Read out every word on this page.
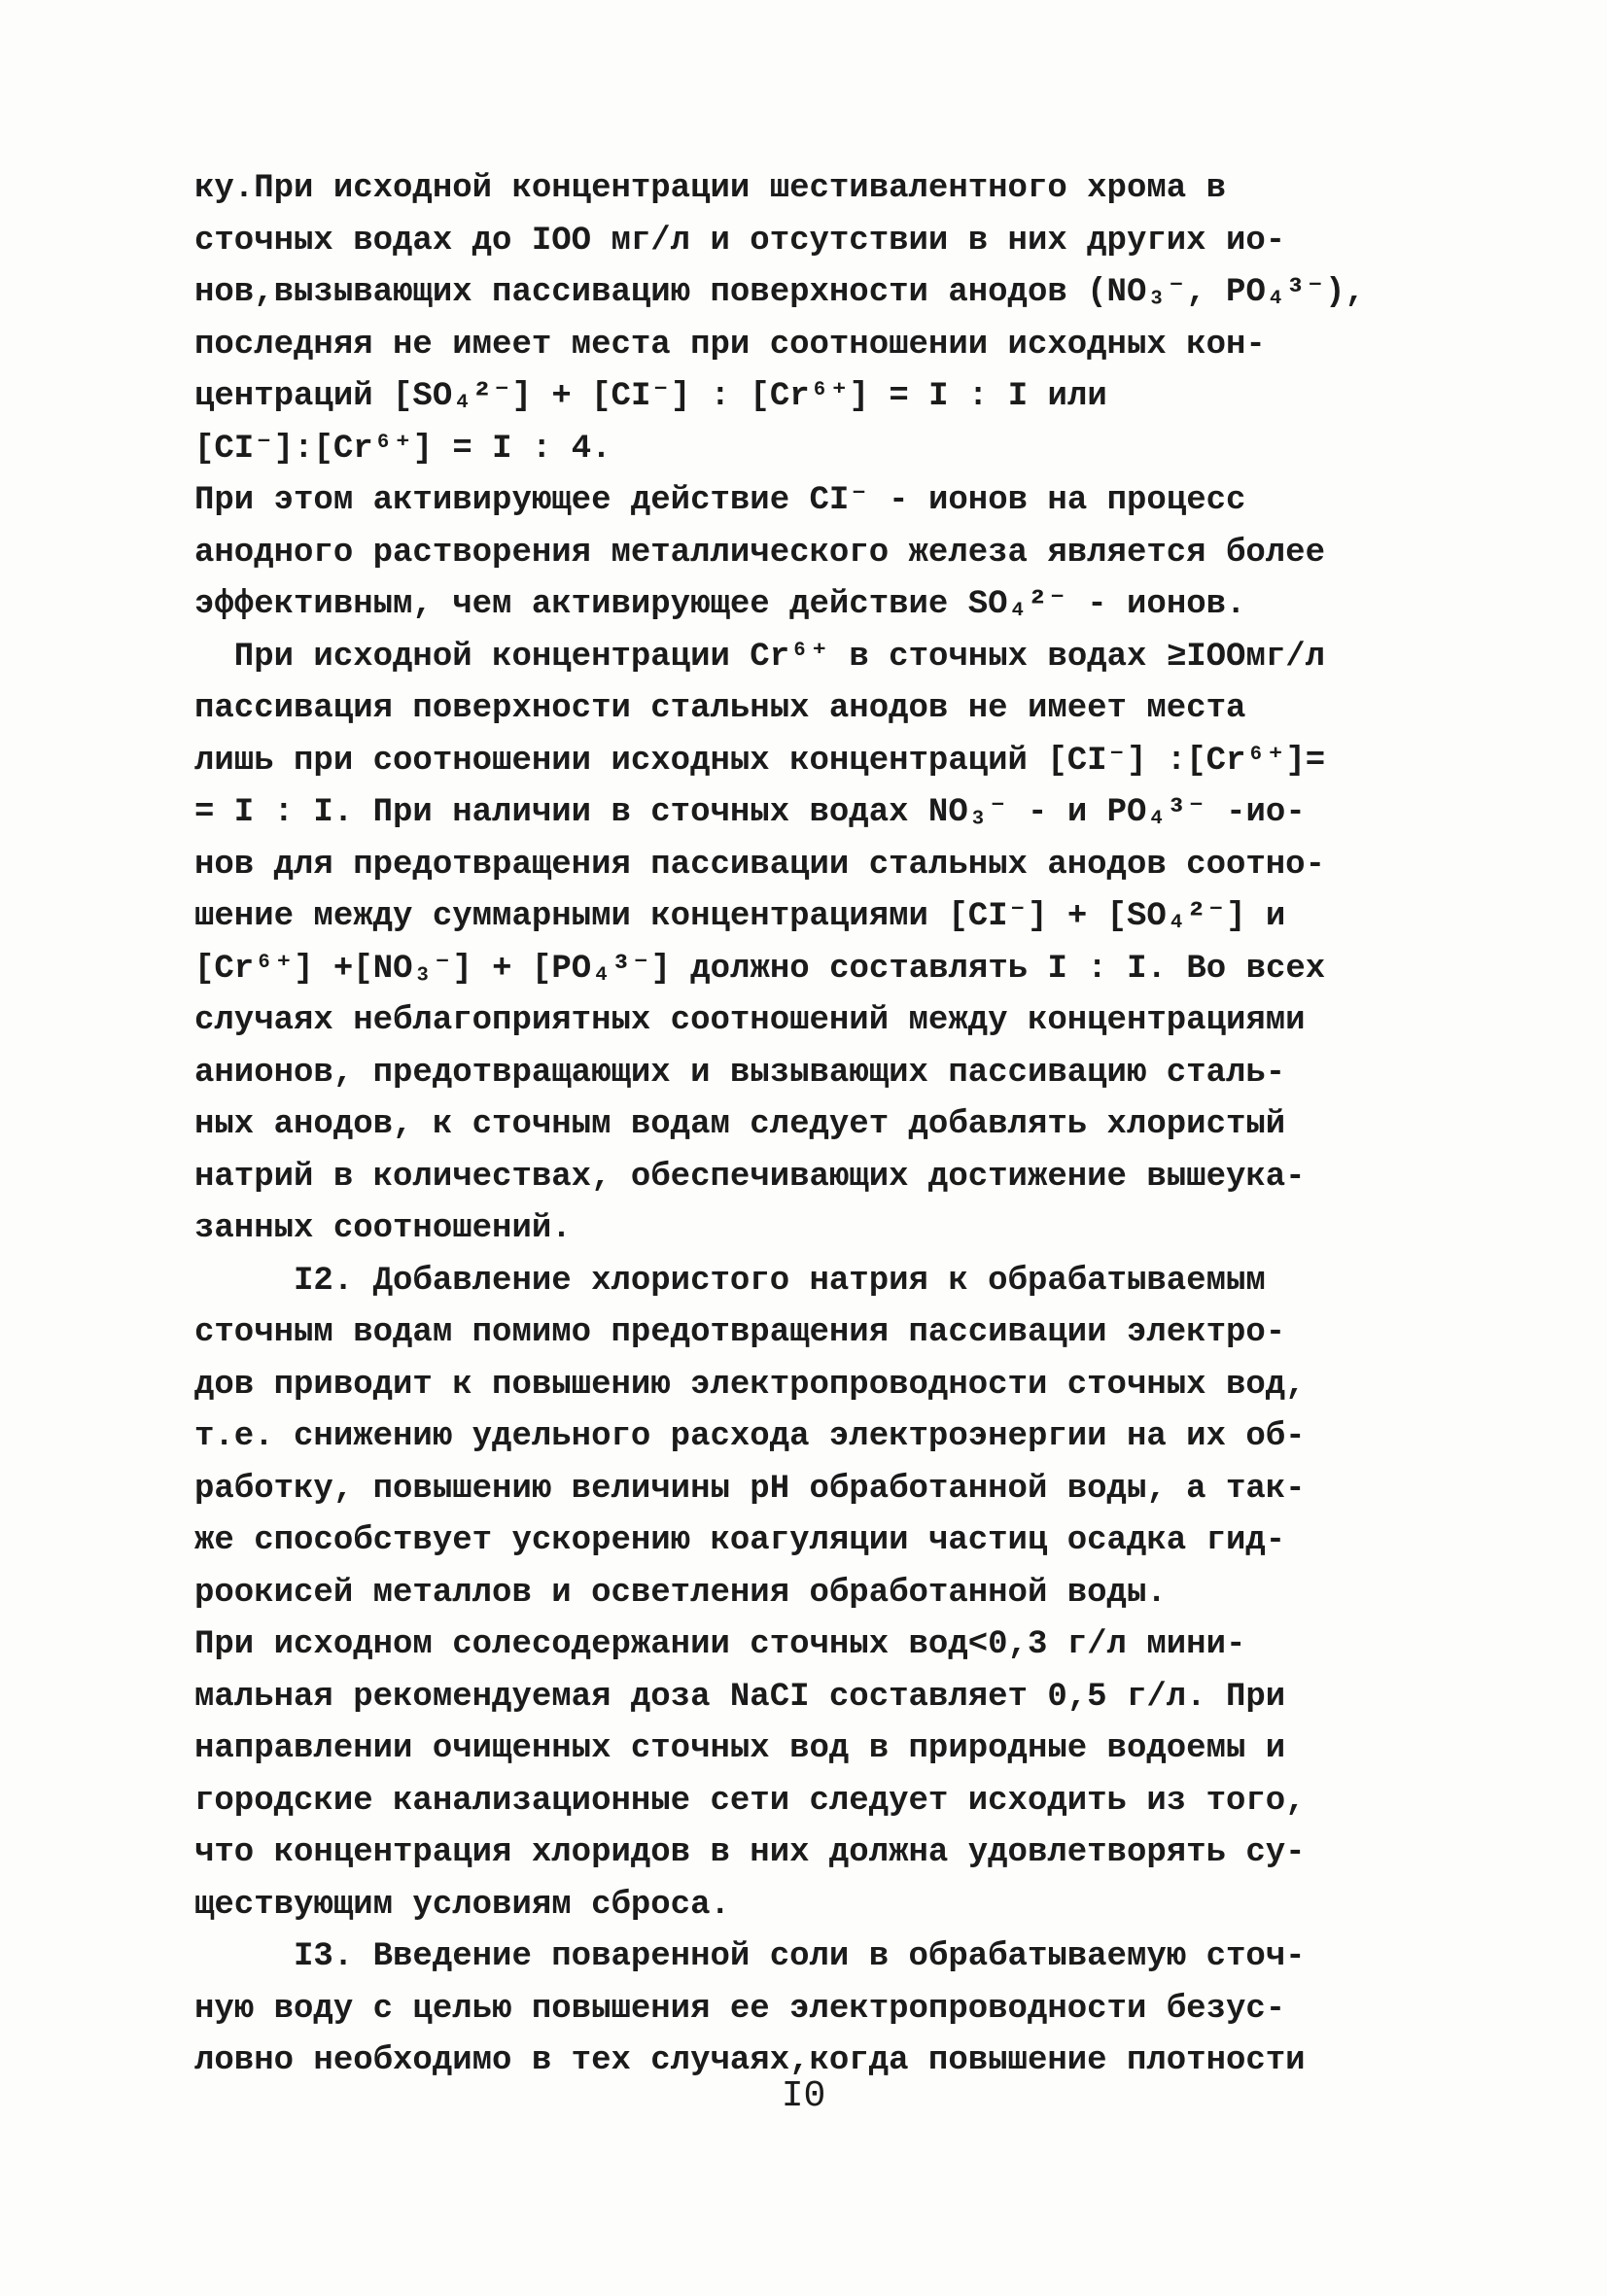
ку.При исходной концентрации шестивалентного хрома в
сточных водах до IOO мг/л и отсутствии в них других ио-
нов,вызывающих пассивацию поверхности анодов (NO₃⁻, PO₄³⁻),
последняя не имеет места при соотношении исходных кон-
центраций [SO₄²⁻] + [CI⁻] : [Cr⁶⁺] = I : I или
[CI⁻]:[Cr⁶⁺] = I : 4.
При этом активирующее действие CI⁻ - ионов на процесс
анодного растворения металлического железа является более
эффективным, чем активирующее действие SO₄²⁻ - ионов.
При исходной концентрации Cr⁶⁺ в сточных водах ≥IOOмг/л
пассивация поверхности стальных анодов не имеет места
лишь при соотношении исходных концентраций [CI⁻] :[Cr⁶⁺]=
= I : I. При наличии в сточных водах NO₃⁻ - и PO₄³⁻ -ио-
нов для предотвращения пассивации стальных анодов соотно-
шение между суммарными концентрациями [CI⁻] + [SO₄²⁻] и
[Cr⁶⁺] +[NO₃⁻] + [PO₄³⁻] должно составлять I : I. Во всех
случаях неблагоприятных соотношений между концентрациями
анионов, предотвращающих и вызывающих пассивацию сталь-
ных анодов, к сточным водам следует добавлять хлористый
натрий в количествах, обеспечивающих достижение вышеука-
занных соотношений.
I2. Добавление хлористого натрия к обрабатываемым
сточным водам помимо предотвращения пассивации электро-
дов приводит к повышению электропроводности сточных вод,
т.е. снижению удельного расхода электроэнергии на их об-
работку, повышению величины pH обработанной воды, а так-
же способствует ускорению коагуляции частиц осадка гид-
роокисей металлов и осветления обработанной воды.
При исходном солесодержании сточных вод<0,3 г/л мини-
мальная рекомендуемая доза NaCI составляет 0,5 г/л. При
направлении очищенных сточных вод в природные водоемы и
городские канализационные сети следует исходить из того,
что концентрация хлоридов в них должна удовлетворять су-
ществующим условиям сброса.
I3. Введение поваренной соли в обрабатываемую сточ-
ную воду с целью повышения ее электропроводности безус-
ловно необходимо в тех случаях,когда повышение плотности
I0
